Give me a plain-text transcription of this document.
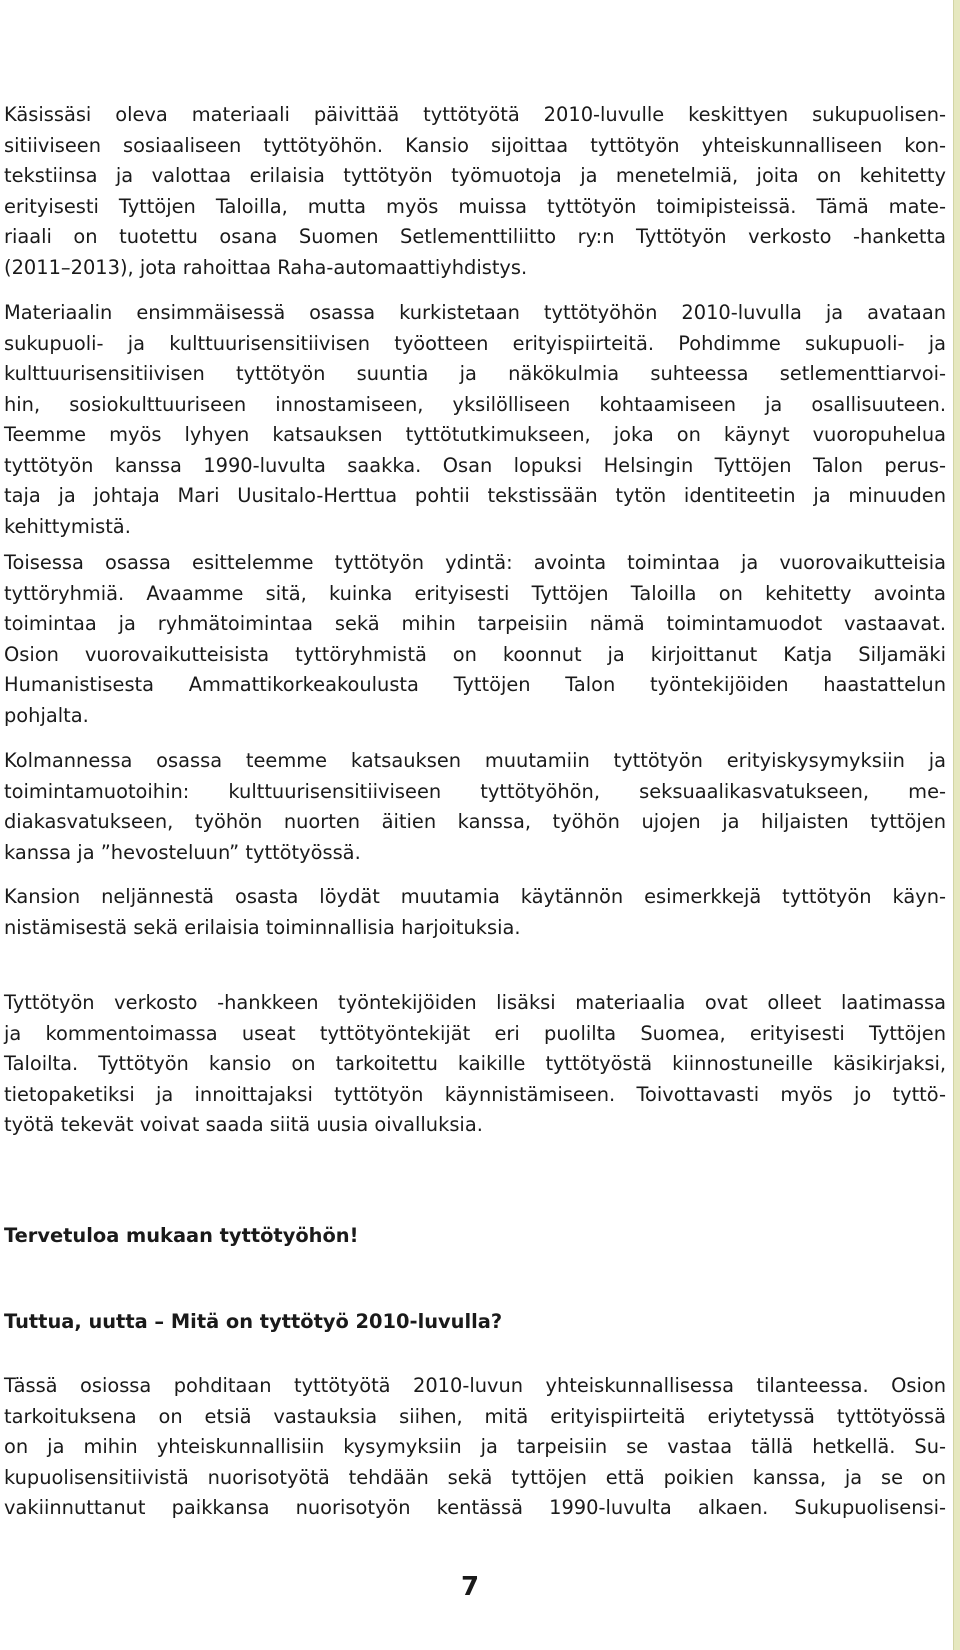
Käsissäsi oleva materiaali päivittää tyttötyötä 2010-luvulle keskittyen sukupuolisen-
sitiiviseen sosiaaliseen tyttötyöhön. Kansio sijoittaa tyttötyön yhteiskunnalliseen kon-
tekstiinsa ja valottaa erilaisia tyttötyön työmuotoja ja menetelmiä, joita on kehitetty
erityisesti Tyttöjen Taloilla, mutta myös muissa tyttötyön toimipisteissä. Tämä mate-
riaali on tuotettu osana Suomen Setlementtiliitto ry:n Tyttötyön verkosto -hanketta
(2011–2013), jota rahoittaa Raha-automaattiyhdistys.
Materiaalin ensimmäisessä osassa kurkistetaan tyttötyöhön 2010-luvulla ja avataan
sukupuoli- ja kulttuurisensitiivisen työotteen erityispiirteitä. Pohdimme sukupuoli- ja
kulttuurisensitiivisen tyttötyön suuntia ja näkökulmia suhteessa setlementtiarvoi-
hin, sosiokulttuuriseen innostamiseen, yksilölliseen kohtaamiseen ja osallisuuteen.
Teemme myös lyhyen katsauksen tyttötutkimukseen, joka on käynyt vuoropuhelua
tyttötyön kanssa 1990-luvulta saakka. Osan lopuksi Helsingin Tyttöjen Talon perus-
taja ja johtaja Mari Uusitalo-Herttua pohtii tekstissään tytön identiteetin ja minuuden
kehittymistä.
Toisessa osassa esittelemme tyttötyön ydintä: avointa toimintaa ja vuorovaikutteisia
tyttöryhmiä. Avaamme sitä, kuinka erityisesti Tyttöjen Taloilla on kehitetty avointa
toimintaa ja ryhmätoimintaa sekä mihin tarpeisiin nämä toimintamuodot vastaavat.
Osion vuorovaikutteisista tyttöryhmistä on koonnut ja kirjoittanut Katja Siljamäki
Humanistisesta Ammattikorkeakoulusta Tyttöjen Talon työntekijöiden haastattelun
pohjalta.
Kolmannessa osassa teemme katsauksen muutamiin tyttötyön erityiskysymyksiin ja
toimintamuotoihin: kulttuurisensitiiviseen tyttötyöhön, seksuaalikasvatukseen, me-
diakasvatukseen, työhön nuorten äitien kanssa, työhön ujojen ja hiljaisten tyttöjen
kanssa ja ”hevosteluun” tyttötyössä.
Kansion neljännestä osasta löydät muutamia käytännön esimerkkejä tyttötyön käyn-
nistämisestä sekä erilaisia toiminnallisia harjoituksia.
Tyttötyön verkosto -hankkeen työntekijöiden lisäksi materiaalia ovat olleet laatimassa
ja kommentoimassa useat tyttötyöntekijät eri puolilta Suomea, erityisesti Tyttöjen
Taloilta. Tyttötyön kansio on tarkoitettu kaikille tyttötyöstä kiinnostuneille käsikirjaksi,
tietopaketiksi ja innoittajaksi tyttötyön käynnistämiseen. Toivottavasti myös jo tyttö-
työtä tekevät voivat saada siitä uusia oivalluksia.
Tervetuloa mukaan tyttötyöhön!
Tuttua, uutta – Mitä on tyttötyö 2010-luvulla?
Tässä osiossa pohditaan tyttötyötä 2010-luvun yhteiskunnallisessa tilanteessa. Osion
tarkoituksena on etsiä vastauksia siihen, mitä erityispiirteitä eriytetyssä tyttötyössä
on ja mihin yhteiskunnallisiin kysymyksiin ja tarpeisiin se vastaa tällä hetkellä. Su-
kupuolisensitiivistä nuorisotyötä tehdään sekä tyttöjen että poikien kanssa, ja se on
vakiinnuttanut paikkansa nuorisotyön kentässä 1990-luvulta alkaen. Sukupuolisensi-
7
